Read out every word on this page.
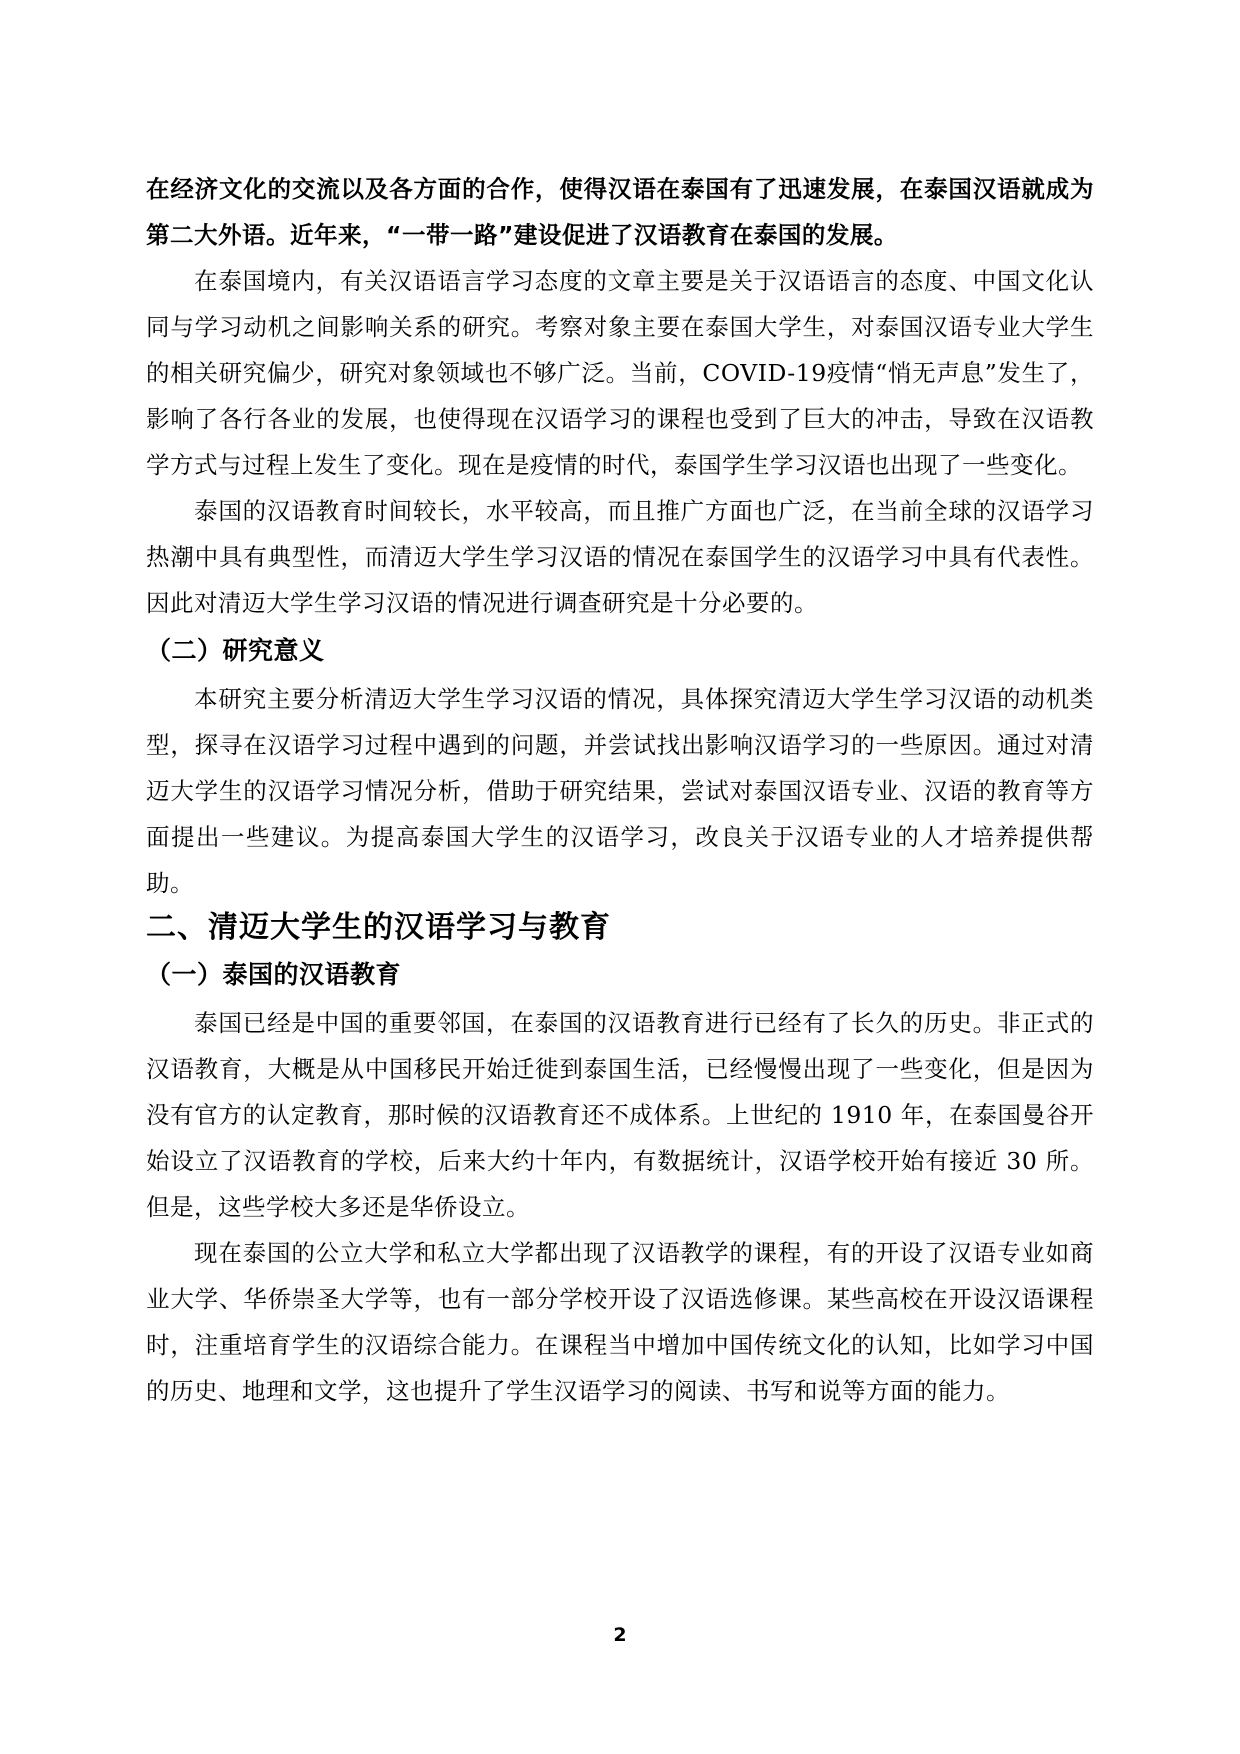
在经济文化的交流以及各方面的合作，使得汉语在泰国有了迅速发展，在泰国汉语就成为第二大外语。近年来，“一带一路”建设促进了汉语教育在泰国的发展。

在泰国境内，有关汉语语言学习态度的文章主要是关于汉语语言的态度、中国文化认同与学习动机之间影响关系的研究。考察对象主要在泰国大学生，对泰国汉语专业大学生的相关研究偏少，研究对象领域也不够广泛。当前，COVID-19疫情“悄无声息”发生了，影响了各行各业的发展，也使得现在汉语学习的课程也受到了巨大的冲击，导致在汉语教学方式与过程上发生了变化。现在是疫情的时代，泰国学生学习汉语也出现了一些变化。

泰国的汉语教育时间较长，水平较高，而且推广方面也广泛，在当前全球的汉语学习热潮中具有典型性，而清迈大学生学习汉语的情况在泰国学生的汉语学习中具有代表性。因此对清迈大学生学习汉语的情况进行调查研究是十分必要的。

（二）研究意义

本研究主要分析清迈大学生学习汉语的情况，具体探究清迈大学生学习汉语的动机类型，探寻在汉语学习过程中遇到的问题，并尝试找出影响汉语学习的一些原因。通过对清迈大学生的汉语学习情况分析，借助于研究结果，尝试对泰国汉语专业、汉语的教育等方面提出一些建议。为提高泰国大学生的汉语学习，改良关于汉语专业的人才培养提供帮助。

二、清迈大学生的汉语学习与教育
（一）泰国的汉语教育

泰国已经是中国的重要邻国，在泰国的汉语教育进行已经有了长久的历史。非正式的汉语教育，大概是从中国移民开始迁徙到泰国生活，已经慢慢出现了一些变化，但是因为没有官方的认定教育，那时候的汉语教育还不成体系。上世纪的 1910 年，在泰国曼谷开始设立了汉语教育的学校，后来大约十年内，有数据统计，汉语学校开始有接近 30 所。但是，这些学校大多还是华侨设立。

现在泰国的公立大学和私立大学都出现了汉语教学的课程，有的开设了汉语专业如商业大学、华侨崇圣大学等，也有一部分学校开设了汉语选修课。某些高校在开设汉语课程时，注重培育学生的汉语综合能力。在课程当中增加中国传统文化的认知，比如学习中国的历史、地理和文学，这也提升了学生汉语学习的阅读、书写和说等方面的能力。

2
